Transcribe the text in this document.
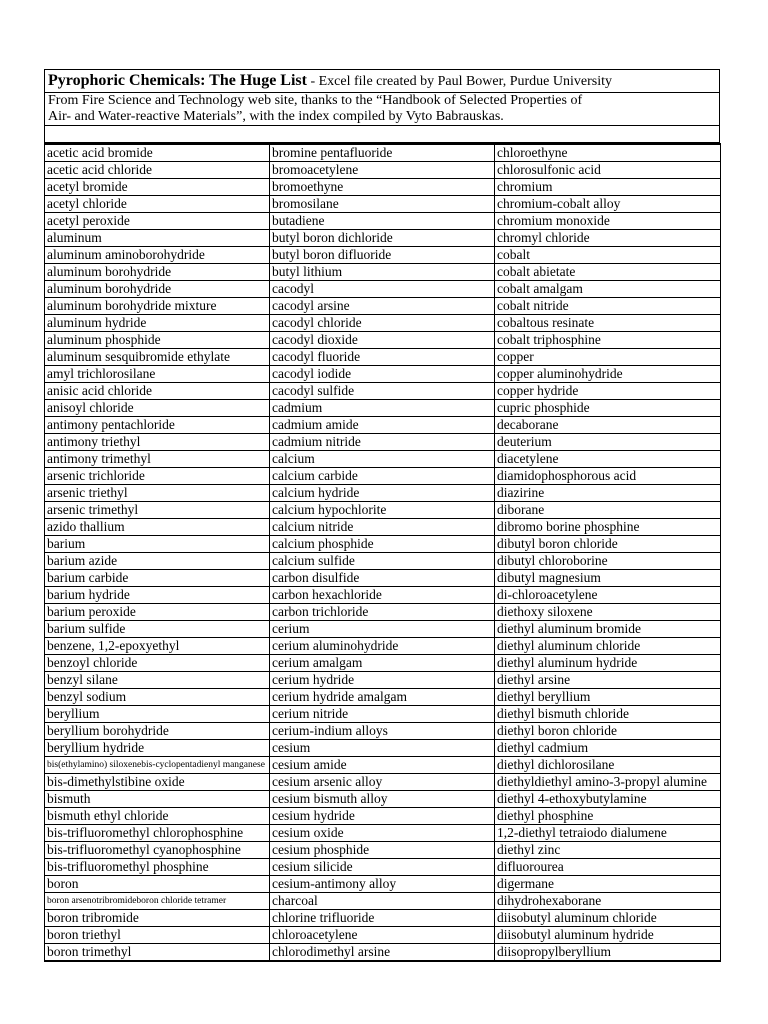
Pyrophoric Chemicals: The Huge List - Excel file created by Paul Bower, Purdue University
From Fire Science and Technology web site, thanks to the “Handbook of Selected Properties of
Air- and Water-reactive Materials”, with the index compiled by Vyto Babrauskas.
acetic acid bromide	bromine pentafluoride	chloroethyne
acetic acid chloride	bromoacetylene	chlorosulfonic acid
acetyl bromide	bromoethyne	chromium
acetyl chloride	bromosilane	chromium-cobalt alloy
acetyl peroxide	butadiene	chromium monoxide
aluminum	butyl boron dichloride	chromyl chloride
aluminum aminoborohydride	butyl boron difluoride	cobalt
aluminum borohydride	butyl lithium	cobalt abietate
aluminum borohydride	cacodyl	cobalt amalgam
aluminum borohydride mixture	cacodyl arsine	cobalt nitride
aluminum hydride	cacodyl chloride	cobaltous resinate
aluminum phosphide	cacodyl dioxide	cobalt triphosphine
aluminum sesquibromide ethylate	cacodyl fluoride	copper
amyl trichlorosilane	cacodyl iodide	copper aluminohydride
anisic acid chloride	cacodyl sulfide	copper hydride
anisoyl chloride	cadmium	cupric phosphide
antimony pentachloride	cadmium amide	decaborane
antimony triethyl	cadmium nitride	deuterium
antimony trimethyl	calcium	diacetylene
arsenic trichloride	calcium carbide	diamidophosphorous acid
arsenic triethyl	calcium hydride	diazirine
arsenic trimethyl	calcium hypochlorite	diborane
azido thallium	calcium nitride	dibromo borine phosphine
barium	calcium phosphide	dibutyl boron chloride
barium azide	calcium sulfide	dibutyl chloroborine
barium carbide	carbon disulfide	dibutyl magnesium
barium hydride	carbon hexachloride	di-chloroacetylene
barium peroxide	carbon trichloride	diethoxy siloxene
barium sulfide	cerium	diethyl aluminum bromide
benzene, 1,2-epoxyethyl	cerium aluminohydride	diethyl aluminum chloride
benzoyl chloride	cerium amalgam	diethyl aluminum hydride
benzyl silane	cerium hydride	diethyl arsine
benzyl sodium	cerium hydride amalgam	diethyl beryllium
beryllium	cerium nitride	diethyl bismuth chloride
beryllium borohydride	cerium-indium alloys	diethyl boron chloride
beryllium hydride	cesium	diethyl cadmium
bis(ethylamino) siloxenebis-cyclopentadienyl manganese	cesium amide	diethyl dichlorosilane
bis-dimethylstibine oxide	cesium arsenic alloy	diethyldiethyl amino-3-propyl alumine
bismuth	cesium bismuth alloy	diethyl 4-ethoxybutylamine
bismuth ethyl chloride	cesium hydride	diethyl phosphine
bis-trifluoromethyl chlorophosphine	cesium oxide	1,2-diethyl tetraiodo dialumene
bis-trifluoromethyl cyanophosphine	cesium phosphide	diethyl zinc
bis-trifluoromethyl phosphine	cesium silicide	difluorourea
boron	cesium-antimony alloy	digermane
boron arsenotribromideboron chloride tetramer	charcoal	dihydrohexaborane
boron tribromide	chlorine trifluoride	diisobutyl aluminum chloride
boron triethyl	chloroacetylene	diisobutyl aluminum hydride
boron trimethyl	chlorodimethyl arsine	diisopropylberyllium
